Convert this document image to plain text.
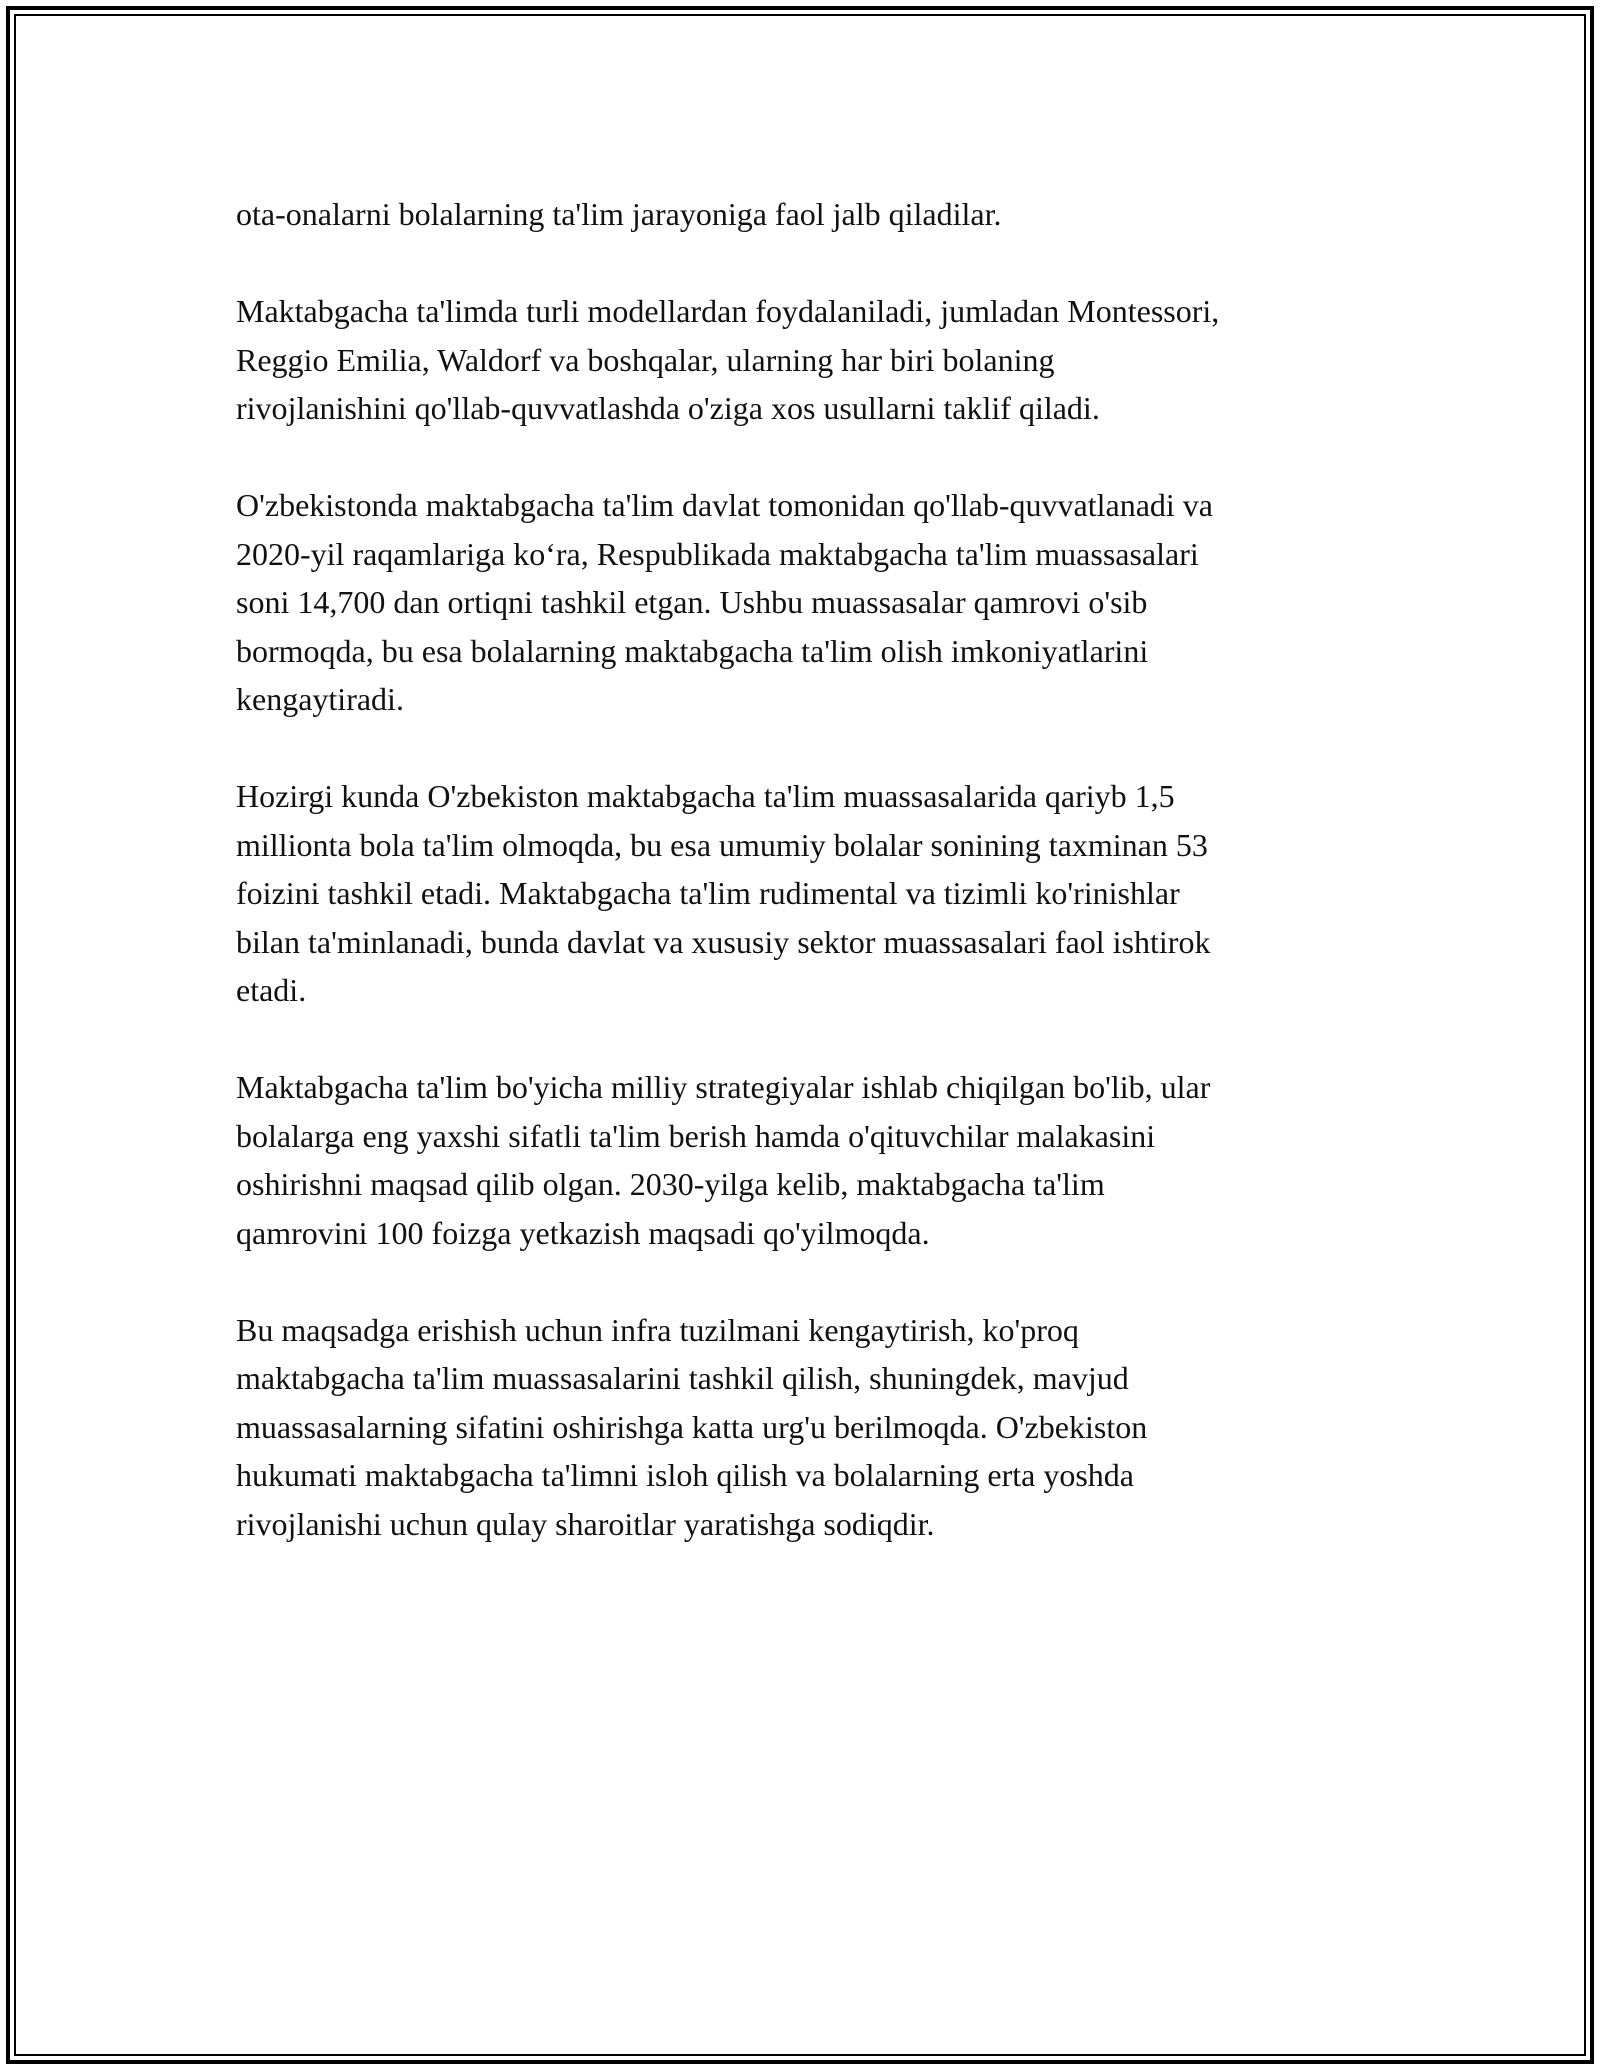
ota-onalarni bolalarning ta'lim jarayoniga faol jalb qiladilar.

Maktabgacha ta'limda turli modellardan foydalaniladi, jumladan Montessori,
Reggio Emilia, Waldorf va boshqalar, ularning har biri bolaning
rivojlanishini qo'llab-quvvatlashda o'ziga xos usullarni taklif qiladi.

O'zbekistonda maktabgacha ta'lim davlat tomonidan qo'llab-quvvatlanadi va
2020-yil raqamlariga ko‘ra, Respublikada maktabgacha ta'lim muassasalari
soni 14,700 dan ortiqni tashkil etgan. Ushbu muassasalar qamrovi o'sib
bormoqda, bu esa bolalarning maktabgacha ta'lim olish imkoniyatlarini
kengaytiradi.

Hozirgi kunda O'zbekiston maktabgacha ta'lim muassasalarida qariyb 1,5
millionta bola ta'lim olmoqda, bu esa umumiy bolalar sonining taxminan 53
foizini tashkil etadi. Maktabgacha ta'lim rudimental va tizimli ko'rinishlar
bilan ta'minlanadi, bunda davlat va xususiy sektor muassasalari faol ishtirok
etadi.

Maktabgacha ta'lim bo'yicha milliy strategiyalar ishlab chiqilgan bo'lib, ular
bolalarga eng yaxshi sifatli ta'lim berish hamda o'qituvchilar malakasini
oshirishni maqsad qilib olgan. 2030-yilga kelib, maktabgacha ta'lim
qamrovini 100 foizga yetkazish maqsadi qo'yilmoqda.

Bu maqsadga erishish uchun infra tuzilmani kengaytirish, ko'proq
maktabgacha ta'lim muassasalarini tashkil qilish, shuningdek, mavjud
muassasalarning sifatini oshirishga katta urg'u berilmoqda. O'zbekiston
hukumati maktabgacha ta'limni isloh qilish va bolalarning erta yoshda
rivojlanishi uchun qulay sharoitlar yaratishga sodiqdir.
